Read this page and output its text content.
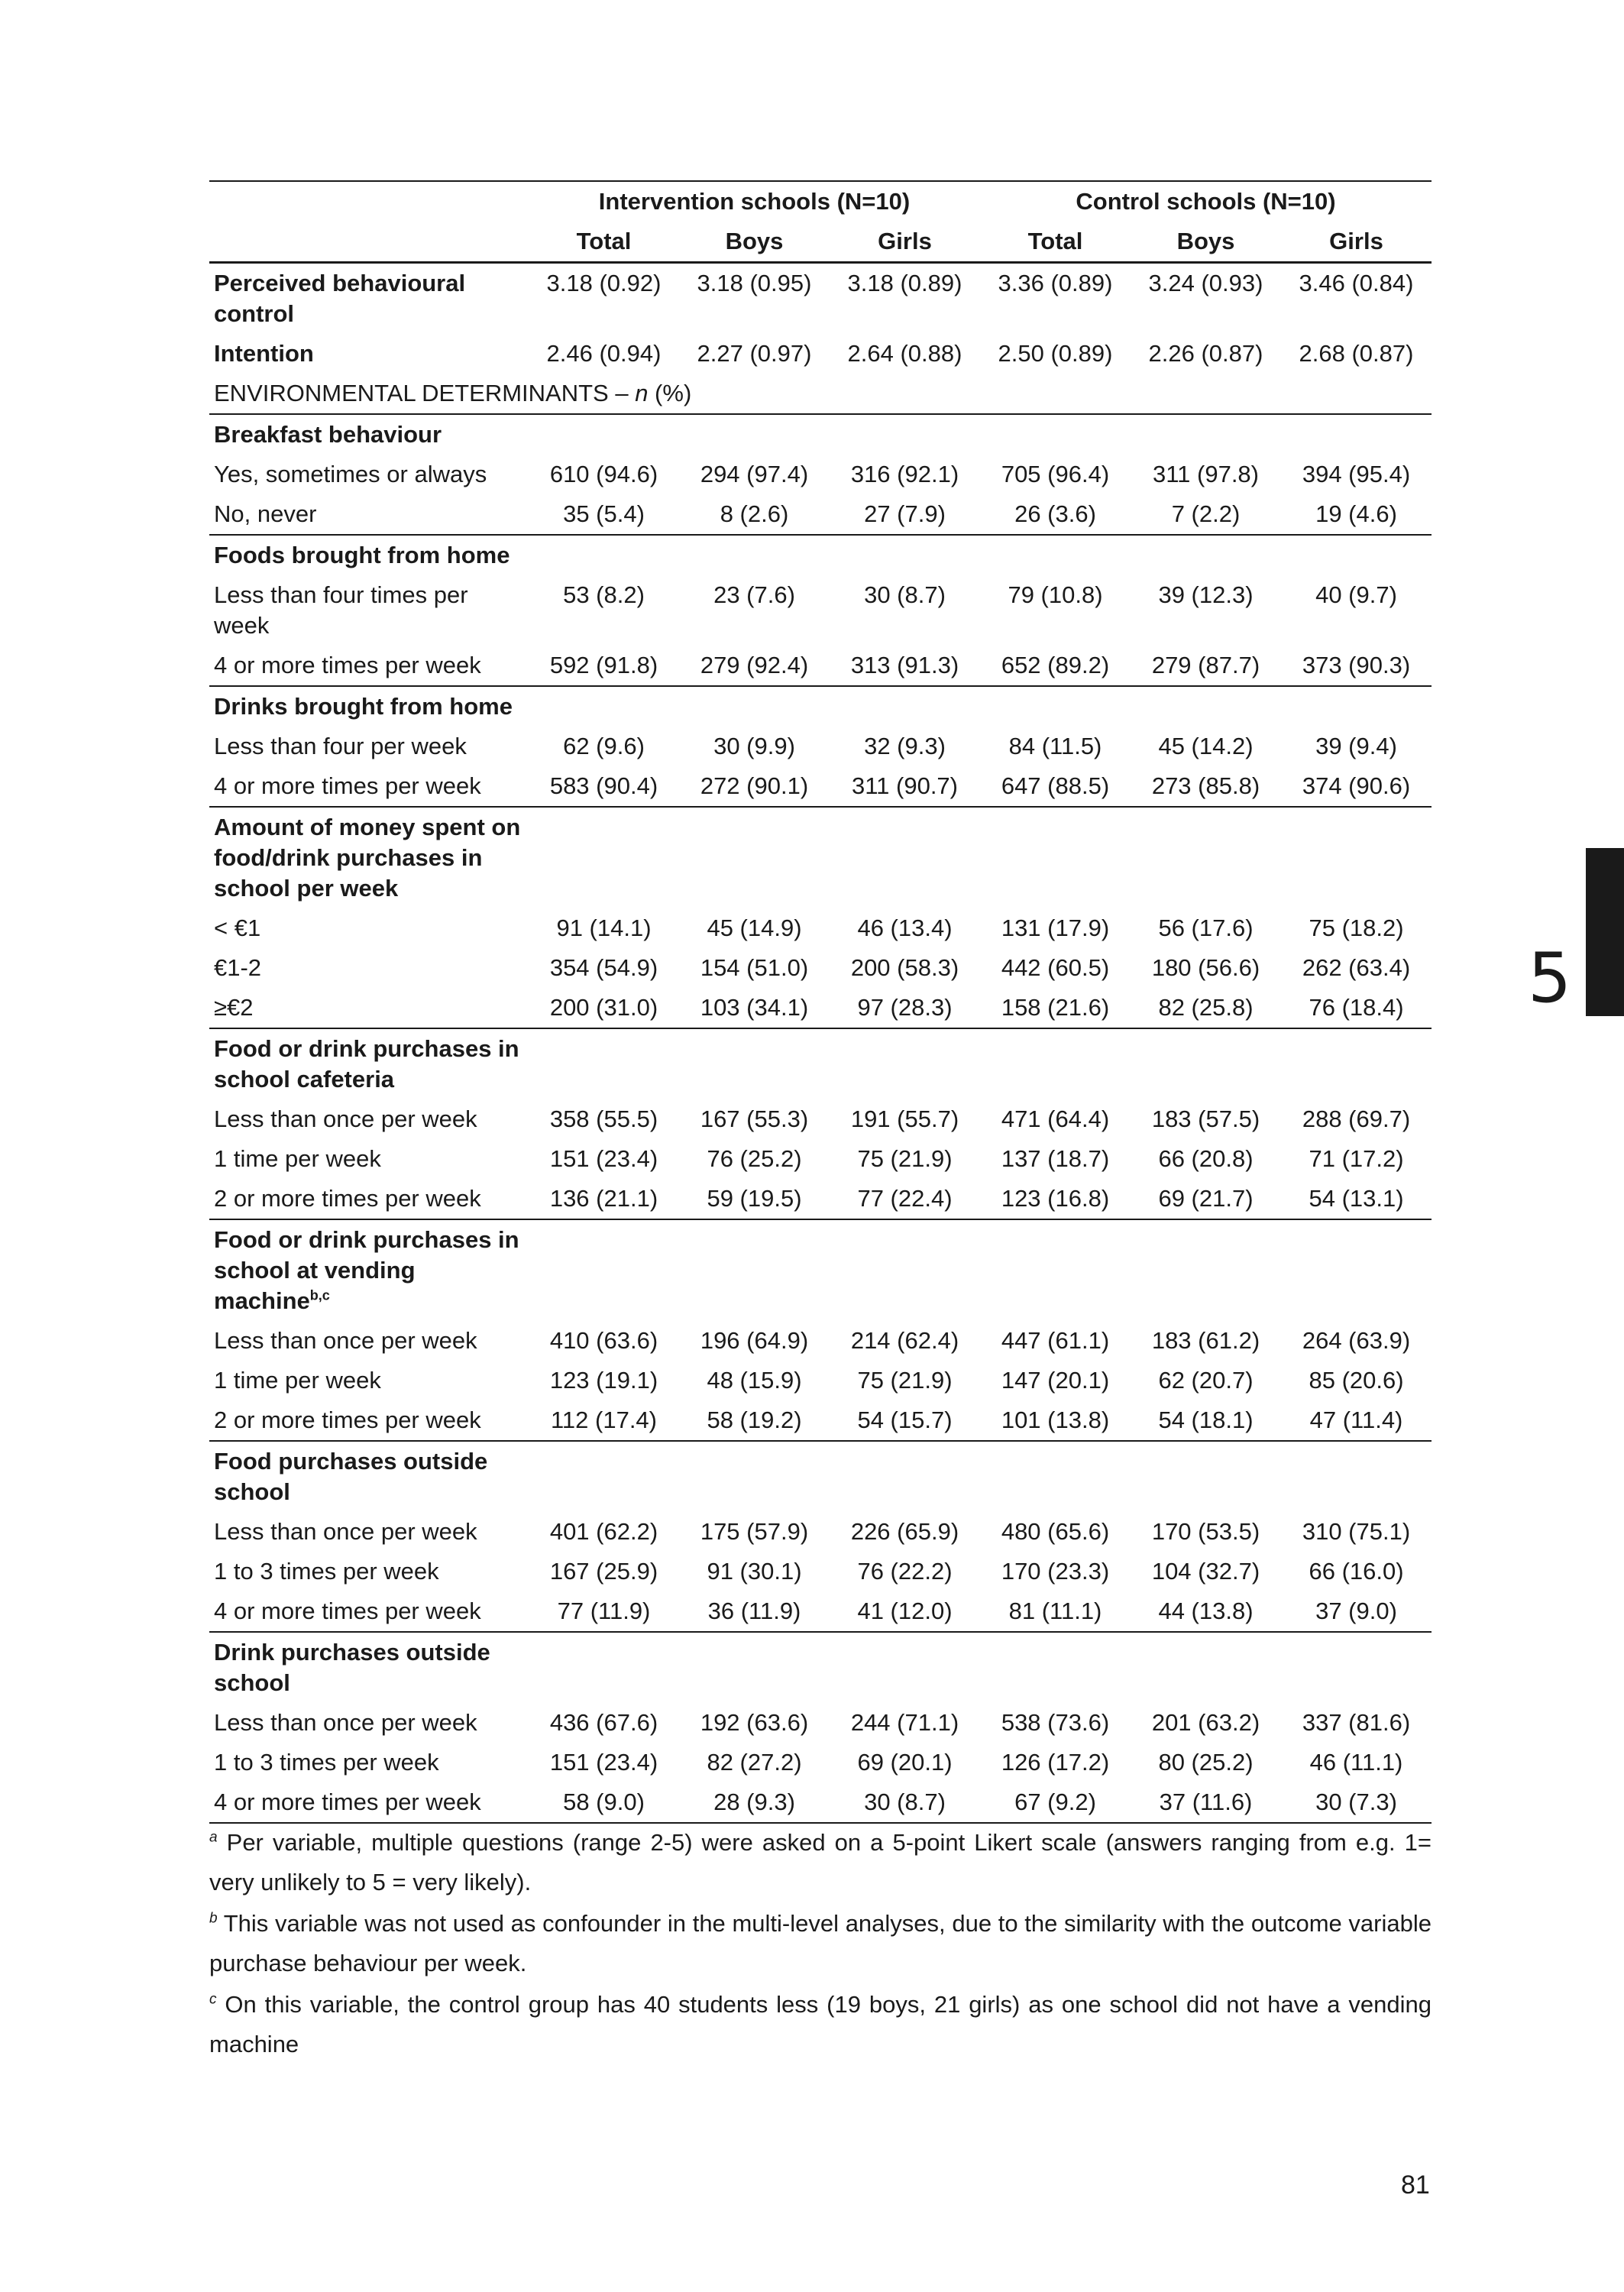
	Intervention schools (N=10)			Control schools (N=10)		
	Total	Boys	Girls	Total	Boys	Girls
Perceived behavioural control	3.18 (0.92)	3.18 (0.95)	3.18 (0.89)	3.36 (0.89)	3.24 (0.93)	3.46 (0.84)
Intention	2.46 (0.94)	2.27 (0.97)	2.64 (0.88)	2.50 (0.89)	2.26 (0.87)	2.68 (0.87)
ENVIRONMENTAL DETERMINANTS – n (%)						
Breakfast behaviour						
Yes, sometimes or always	610 (94.6)	294 (97.4)	316 (92.1)	705 (96.4)	311 (97.8)	394 (95.4)
No, never	35 (5.4)	8 (2.6)	27 (7.9)	26 (3.6)	7 (2.2)	19 (4.6)
Foods brought from home						
Less than four times per week	53 (8.2)	23 (7.6)	30 (8.7)	79 (10.8)	39 (12.3)	40 (9.7)
4 or more times per week	592 (91.8)	279 (92.4)	313 (91.3)	652 (89.2)	279 (87.7)	373 (90.3)
Drinks brought from home						
Less than four per week	62 (9.6)	30 (9.9)	32 (9.3)	84 (11.5)	45 (14.2)	39 (9.4)
4 or more times per week	583 (90.4)	272 (90.1)	311 (90.7)	647 (88.5)	273 (85.8)	374 (90.6)
Amount of money spent on food/drink purchases in school per week						
< €1	91 (14.1)	45 (14.9)	46 (13.4)	131 (17.9)	56 (17.6)	75 (18.2)
€1-2	354 (54.9)	154 (51.0)	200 (58.3)	442 (60.5)	180 (56.6)	262 (63.4)
≥€2	200 (31.0)	103 (34.1)	97 (28.3)	158 (21.6)	82 (25.8)	76 (18.4)
Food or drink purchases in school cafeteria						
Less than once per week	358 (55.5)	167 (55.3)	191 (55.7)	471 (64.4)	183 (57.5)	288 (69.7)
1 time per week	151 (23.4)	76 (25.2)	75 (21.9)	137 (18.7)	66 (20.8)	71 (17.2)
2 or more times per week	136 (21.1)	59 (19.5)	77 (22.4)	123 (16.8)	69 (21.7)	54 (13.1)
Food or drink purchases in school at vending machine$^{b,c}$						
Less than once per week	410 (63.6)	196 (64.9)	214 (62.4)	447 (61.1)	183 (61.2)	264 (63.9)
1 time per week	123 (19.1)	48 (15.9)	75 (21.9)	147 (20.1)	62 (20.7)	85 (20.6)
2 or more times per week	112 (17.4)	58 (19.2)	54 (15.7)	101 (13.8)	54 (18.1)	47 (11.4)
Food purchases outside school						
Less than once per week	401 (62.2)	175 (57.9)	226 (65.9)	480 (65.6)	170 (53.5)	310 (75.1)
1 to 3 times per week	167 (25.9)	91 (30.1)	76 (22.2)	170 (23.3)	104 (32.7)	66 (16.0)
4 or more times per week	77 (11.9)	36 (11.9)	41 (12.0)	81 (11.1)	44 (13.8)	37 (9.0)
Drink purchases outside school						
Less than once per week	436 (67.6)	192 (63.6)	244 (71.1)	538 (73.6)	201 (63.2)	337 (81.6)
1 to 3 times per week	151 (23.4)	82 (27.2)	69 (20.1)	126 (17.2)	80 (25.2)	46 (11.1)
4 or more times per week	58 (9.0)	28 (9.3)	30 (8.7)	67 (9.2)	37 (11.6)	30 (7.3)

$^a$ Per variable, multiple questions (range 2-5) were asked on a 5-point Likert scale (answers ranging from e.g. 1= very unlikely to 5 = very likely).

$^b$ This variable was not used as confounder in the multi-level analyses, due to the similarity with the outcome variable purchase behaviour per week.

$^c$ On this variable, the control group has 40 students less (19 boys, 21 girls) as one school did not have a vending machine

5
81
